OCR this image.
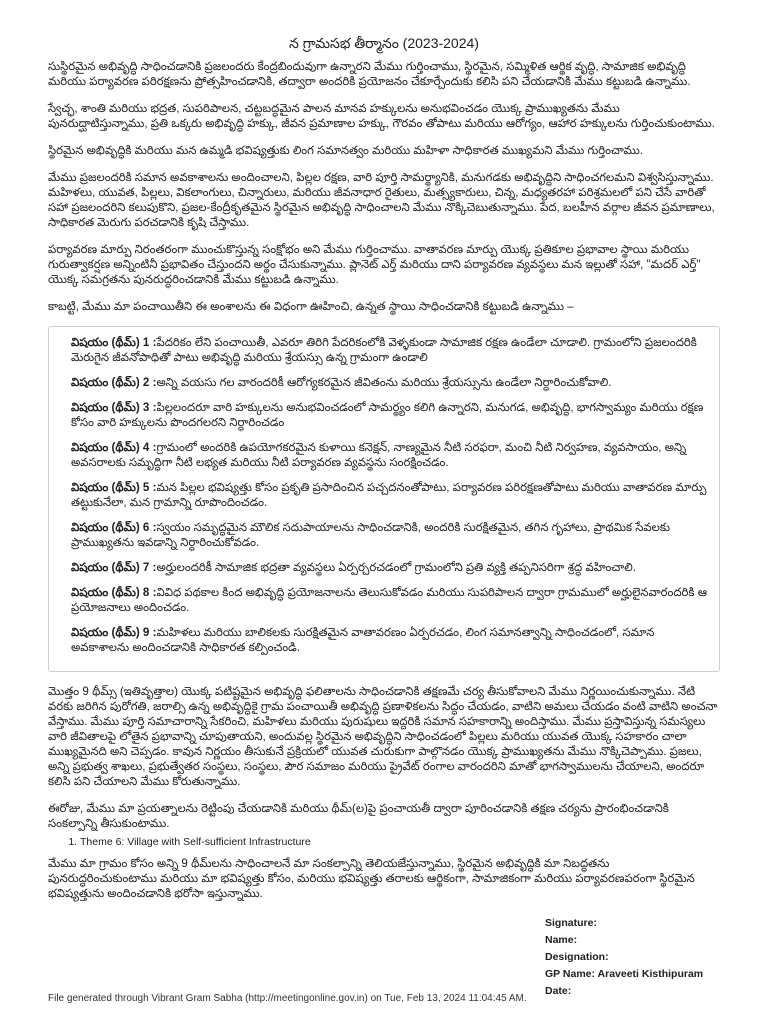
న గ్రామసభ తీర్మానం (2023-2024)

సుస్థిరమైన అభివృద్ధి సాధించడానికి ప్రజలందరు కేంద్రబిందువుగా ఉన్నారని మేము గుర్తించాము, స్థిరమైన, సమ్మిళిత ఆర్థిక వృద్ధి, సామాజిక అభివృద్ధి మరియు పర్యావరణ పరిరక్షణను ప్రోత్సహించడానికి, తద్వారా అందరికి ప్రయోజనం చేకూర్చేందుకు కలిసి పని చేయడానికి మేము కట్టుబడి ఉన్నాము.

స్వేచ్ఛ, శాంతి మరియు భద్రత, సుపరిపాలన, చట్టబద్ధమైన పాలన మానవ హక్కులను అనుభవించడం యొక్క ప్రాముఖ్యతను మేము పునరుద్ఘాటిస్తున్నాము, ప్రతి ఒక్కరు అభివృద్ధి హక్కు, జీవన ప్రమాణాల హక్కు, గౌరవం తోపాటు మరియు ఆరోగ్యం, ఆహార హక్కులను గుర్తించుకుంటాము.

స్థిరమైన అభివృద్ధికి మరియు మన ఉమ్మడి భవిష్యత్తుకు లింగ సమానత్వం మరియు మహిళా సాధికారత ముఖ్యమని మేము గుర్తించాము.

మేము ప్రజలందరికి సమాన అవకాశాలను అందించాలని, పిల్లల రక్షణ, వారి పూర్తి సామర్థ్యానికి, మనుగడకు అభివృద్ధిని సాధించగలమని విశ్వసిస్తున్నాము. మహిళలు, యువత, పిల్లలు, వికలాంగులు, చిన్నారులు, మరియు జీవనాధార రైతులు, మత్స్యకారులు, చిన్న, మధ్యతరహా పరిశ్రమలలో పని చేసే వారితో సహా ప్రజలందరిని కలుపుకొని, ప్రజల-కేంద్రీకృతమైన స్థిరమైన అభివృద్ధి సాధించాలని మేము నొక్కిచెబుతున్నాము. పేద, బలహీన వర్గాల జీవన ప్రమాణాలు, సాధికారత మెరుగు పరచడానికి కృషి చేస్తాము.

పర్యావరణ మార్పు నిరంతరంగా ముంచుకొస్తున్న సంక్షోభం అని మేము గుర్తించాము. వాతావరణ మార్పు యొక్క ప్రతికూల ప్రభావాల స్థాయి మరియు గురుత్వాకర్షణ అన్నింటినీ ప్రభావితం చేస్తుందని అర్థం చేసుకున్నాము. ప్లానెట్ ఎర్త్ మరియు దాని పర్యావరణ వ్యవస్థలు మన ఇల్లుతో సహా, "మదర్ ఎర్త్" యొక్క సమగ్రతను పునరుద్ధరించడానికి మేము కట్టుబడి ఉన్నాము.

కాబట్టి, మేము మా పంచాయితీని ఈ అంశాలను ఈ విధంగా ఊహించి, ఉన్నత స్థాయి సాధించడానికి కట్టుబడి ఉన్నాము –

విషయం (థీమ్) 1 :పేదరికం లేని పంచాయితీ, ఎవరూ తిరిగి పేదరికంలోకి వెళ్ళకుండా సామాజిక రక్షణ ఉండేలా చూడాలి. గ్రామంలోని ప్రజలందరికి మెరుగైన జీవనోపాధితో పాటు అభివృద్ధి మరియు శ్రేయస్సు ఉన్న గ్రామంగా ఉండాలి
విషయం (థీమ్) 2 :అన్ని వయసు గల వారందరికీ ఆరోగ్యకరమైన జీవితంను మరియు శ్రేయస్సును ఉండేలా నిర్ధారించుకోవాలి.
విషయం (థీమ్) 3 :పిల్లలందరూ వారి హక్కులను అనుభవించడంలో సామర్థ్యం కలిగి ఉన్నారని, మనుగడ, అభివృద్ధి, భాగస్వామ్యం మరియు రక్షణ కోసం వారి హక్కులను పొందగలరని నిర్ధారించడం
విషయం (థీమ్) 4 :గ్రామంలో అందరికి ఉపయోగకరమైన కుళాయి కనెక్షన్, నాణ్యమైన నీటి సరఫరా, మంచి నీటి నిర్వహణ, వ్యవసాయం, అన్ని అవసరాలకు సమృద్ధిగా నీటి లభ్యత మరియు నీటి పర్యావరణ వ్యవస్థను సంరక్షించడం.
విషయం (థీమ్) 5 :మన పిల్లల భవిష్యత్తు కోసం ప్రకృతి ప్రసాదించిన పచ్చదనంతోపాటు, పర్యావరణ పరిరక్షణతోపాటు మరియు వాతావరణ మార్పు తట్టుకునేలా, మన గ్రామాన్ని రూపొందించడం.
విషయం (థీమ్) 6 :స్వయం సమృద్ధమైన మౌలిక సదుపాయాలను సాధించడానికి, అందరికి సురక్షితమైన, తగిన గృహాలు, ప్రాథమిక సేవలకు ప్రాముఖ్యతను ఇవడాన్ని నిర్ధారించుకోవడం.
విషయం (థీమ్) 7 :అర్హులందరికీ సామాజిక భద్రతా వ్యవస్థలు ఏర్పర్చరచడంలో గ్రామంలోని ప్రతి వ్యక్తి తప్పనిసరిగా శ్రద్ధ వహించాలి.
విషయం (థీమ్) 8 :వివిధ పథకాల కింద అభివృద్ధి ప్రయోజనాలను తెలుసుకోవడం మరియు సుపరిపాలన ద్వారా గ్రామములో అర్హులైనవారందరికి ఆ ప్రయోజనాలు అందించడం.
విషయం (థీమ్) 9 :మహిళలు మరియు బాలికలకు సురక్షితమైన వాతావరణం ఏర్పరచడం, లింగ సమానత్వాన్ని సాధించడంలో, సమాన అవకాశాలను అందించడానికి సాధికారత కల్పించండి.

మొత్తం 9 థీమ్స్ (ఇతివృత్తాల) యొక్క పటిష్టమైన అభివృద్ధి ఫలితాలను సాధించడానికి తక్షణమే చర్య తీసుకోవాలని మేము నిర్ణయించుకున్నాము. నేటి వరకు జరిగిన పురోగతి, జరాల్సి ఉన్న అభివృద్ధికై గ్రామ పంచాయితీ అభివృద్ధి ప్రణాళికలను సిద్ధం చేయడం, వాటిని అమలు చేయడం వంటి వాటిని అంచనా వేస్తాము. మేము పూర్తి సమాచారాన్ని సేకరించి, మహిళలు మరియు పురుషులు ఇద్దరికి సమాన సహకారాన్ని అందిస్తాము. మేము ప్రస్తావిస్తున్న సమస్యలు వారి జీవితాలపై లోతైన ప్రభావాన్ని చూపుతాయని, అందువల్ల స్థిరమైన అభివృద్ధిని సాధించడంలో పిల్లలు మరియు యువత యొక్క సహకారం చాలా ముఖ్యమైనది అని చెప్పడం. కావున నిర్ణయం తీసుకునే ప్రక్రియలో యువత చురుకుగా పాల్గొనడం యొక్క ప్రాముఖ్యతను మేము నొక్కిచెప్పాము. ప్రజలు, అన్ని ప్రభుత్వ శాఖలు, ప్రభుత్వేతర సంస్థలు, సంస్థలు, పౌర సమాజం మరియు ప్రైవేట్ రంగాల వారందరిని మాతో భాగస్వాములను చేయాలని, అందరూ కలిసి పని చేయాలని మేము కోరుతున్నాము.

ఈరోజు, మేము మా ప్రయత్నాలను రెట్టింపు చేయడానికి మరియు థీమ్(ల)పై ప్రంచాయతీ ద్వారా పూరించడానికి తక్షణ చర్యను ప్రారంభించడానికి సంకల్పాన్ని తీసుకుంటాము.

1. Theme 6: Village with Self-sufficient Infrastructure

మేము మా గ్రామం కోసం అన్ని 9 థీమ్‌లను సాధించాలనే మా సంకల్పాన్ని తెలియజేస్తున్నాము, స్థిరమైన అభివృద్ధికి మా నిబద్ధతను పునరుద్ధరించుకుంటాము మరియు మా భవిష్యత్తు కోసం, మరియు భవిష్యత్తు తరాలకు ఆర్థికంగా, సామాజికంగా మరియు పర్యావరణపరంగా స్థిరమైన భవిష్యత్తును అందించడానికి భరోసా ఇస్తున్నాము.

Signature:
Name:
Designation:
GP Name: Araveeti Kisthipuram
Date:
File generated through Vibrant Gram Sabha (http://meetingonline.gov.in) on Tue, Feb 13, 2024 11:04:45 AM.
